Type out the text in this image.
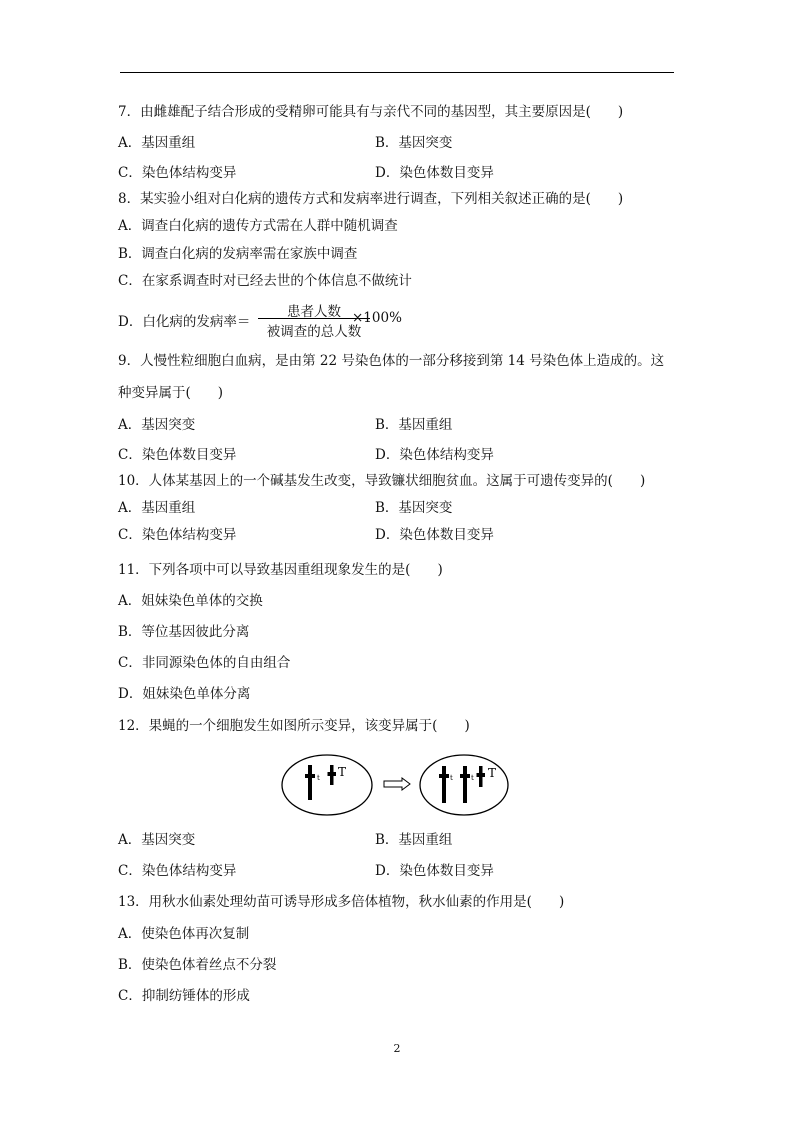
7．由雌雄配子结合形成的受精卵可能具有与亲代不同的基因型，其主要原因是(　　)
A．基因重组	B．基因突变
C．染色体结构变异	D．染色体数目变异
8．某实验小组对白化病的遗传方式和发病率进行调查，下列相关叙述正确的是(　　)
A．调查白化病的遗传方式需在人群中随机调查
B．调查白化病的发病率需在家族中调查
C．在家系调查时对已经去世的个体信息不做统计
D．白化病的发病率＝
患者人数
被调查的总人数
×100%
9．人慢性粒细胞白血病，是由第 22 号染色体的一部分移接到第 14 号染色体上造成的。这
种变异属于(　　)
A．基因突变	B．基因重组
C．染色体数目变异	D．染色体结构变异
10．人体某基因上的一个碱基发生改变，导致镰状细胞贫血。这属于可遗传变异的(　　)
A．基因重组	B．基因突变
C．染色体结构变异	D．染色体数目变异
11．下列各项中可以导致基因重组现象发生的是(　　)
A．姐妹染色单体的交换
B．等位基因彼此分离
C．非同源染色体的自由组合
D．姐妹染色单体分离
12．果蝇的一个细胞发生如图所示变异，该变异属于(　　)
t T	t	t T
A．基因突变	B．基因重组
C．染色体结构变异	D．染色体数目变异
13．用秋水仙素处理幼苗可诱导形成多倍体植物，秋水仙素的作用是(　　)
A．使染色体再次复制
B．使染色体着丝点不分裂
C．抑制纺锤体的形成
2
